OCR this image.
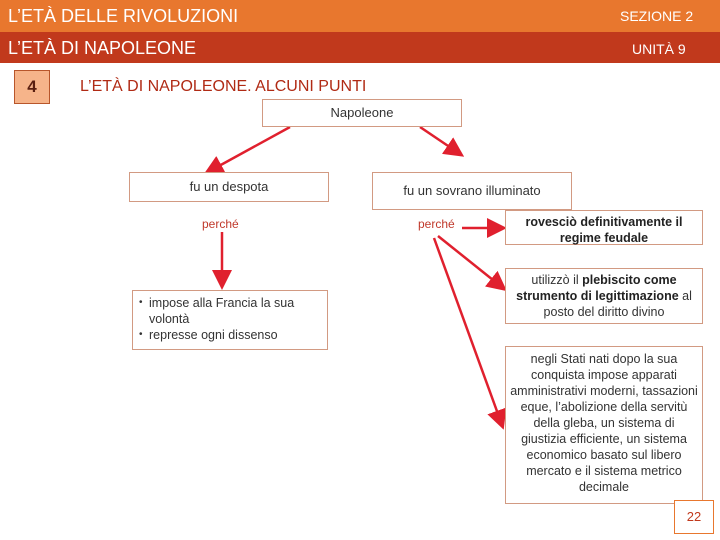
L’ETÀ DELLE RIVOLUZIONI	SEZIONE 2
L’ETÀ DI NAPOLEONE	UNITÀ 9
4	L’ETÀ DI NAPOLEONE. ALCUNI PUNTI
Napoleone
fu un despota
perché
• impose alla Francia la sua volontà
• represse ogni dissenso
fu un sovrano illuminato
perché	rovesciò definitivamente il regime feudale
utilizzò il plebiscito come strumento di legittimazione al posto del diritto divino
negli Stati nati dopo la sua conquista impose apparati amministrativi moderni, tassazioni eque, l’abolizione della servitù della gleba, un sistema di giustizia efficiente, un sistema economico basato sul libero mercato e il sistema metrico decimale
22
